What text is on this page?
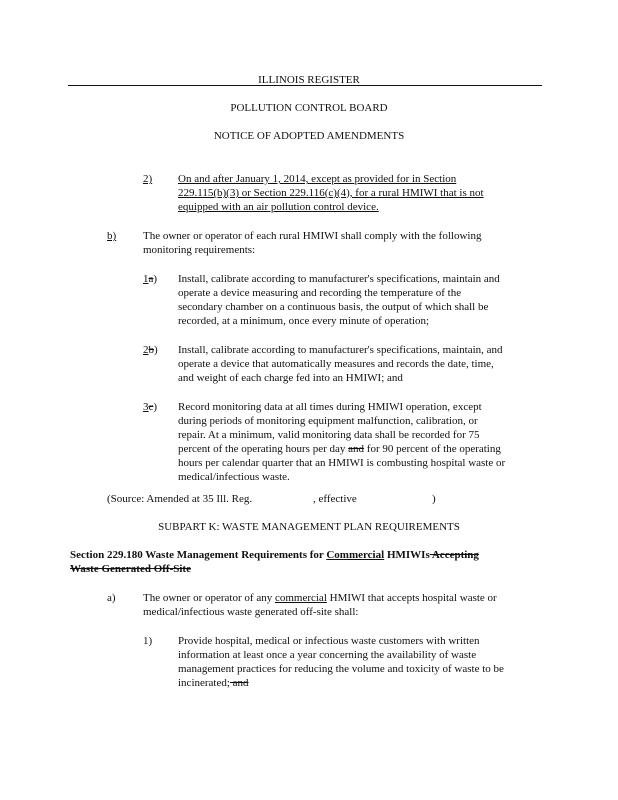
ILLINOIS REGISTER
POLLUTION CONTROL BOARD
NOTICE OF ADOPTED AMENDMENTS
2) On and after January 1, 2014, except as provided for in Section
229.115(b)(3) or Section 229.116(c)(4), for a rural HMIWI that is not
equipped with an air pollution control device.
b) The owner or operator of each rural HMIWI shall comply with the following
monitoring requirements:
1a) Install, calibrate according to manufacturer's specifications, maintain and
operate a device measuring and recording the temperature of the
secondary chamber on a continuous basis, the output of which shall be
recorded, at a minimum, once every minute of operation;
2b) Install, calibrate according to manufacturer's specifications, maintain, and
operate a device that automatically measures and records the date, time,
and weight of each charge fed into an HMIWI; and
3c) Record monitoring data at all times during HMIWI operation, except
during periods of monitoring equipment malfunction, calibration, or
repair. At a minimum, valid monitoring data shall be recorded for 75
percent of the operating hours per day and for 90 percent of the operating
hours per calendar quarter that an HMIWI is combusting hospital waste or
medical/infectious waste.
(Source: Amended at 35 Ill. Reg.	, effective	)
SUBPART K: WASTE MANAGEMENT PLAN REQUIREMENTS
Section 229.180 Waste Management Requirements for Commercial HMIWIs Accepting
Waste Generated Off-Site
a) The owner or operator of any commercial HMIWI that accepts hospital waste or
medical/infectious waste generated off-site shall:
1) Provide hospital, medical or infectious waste customers with written
information at least once a year concerning the availability of waste
management practices for reducing the volume and toxicity of waste to be
incinerated; and
